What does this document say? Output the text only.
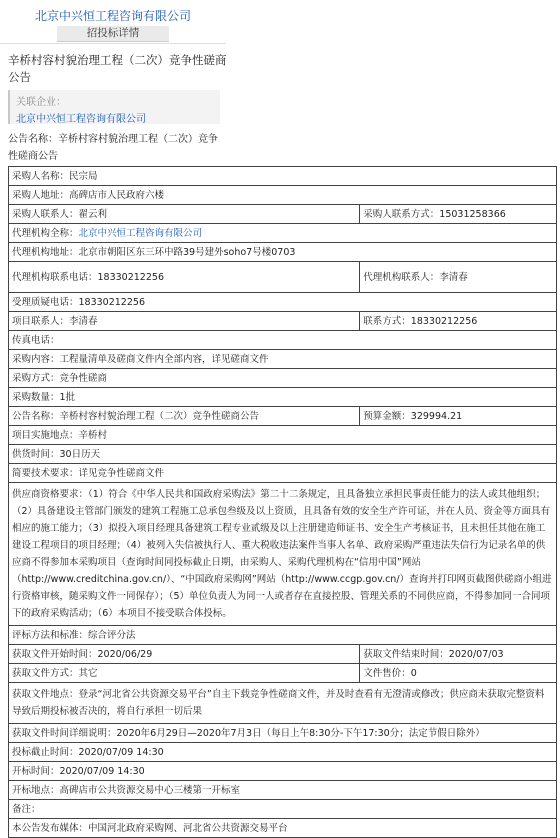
北京中兴恒工程咨询有限公司
招投标详情
辛桥村容村貌治理工程（二次）竞争性磋商公告
关联企业：
北京中兴恒工程咨询有限公司
公告名称：辛桥村容村貌治理工程（二次）竞争性磋商公告
采购人名称：民宗局	
采购人地址：高碑店市人民政府六楼	
采购人联系人：翟云利	采购人联系方式：15031258366
代理机构全称：北京中兴恒工程咨询有限公司	
代理机构地址：北京市朝阳区东三环中路39号建外soho7号楼0703	
代理机构联系电话：18330212256	代理机构联系人：李清春
受理质疑电话：18330212256	
项目联系人：李清春	联系方式：18330212256
传真电话：	
采购内容：工程量清单及磋商文件内全部内容，详见磋商文件	
采购方式：竞争性磋商	
采购数量：1批	
公告名称：辛桥村容村貌治理工程（二次）竞争性磋商公告	预算金额：329994.21
项目实施地点：辛桥村	
供货时间：30日历天	
简要技术要求：详见竞争性磋商文件	
供应商资格要求：（1）符合《中华人民共和国政府采购法》第二十二条规定，且具备独立承担民事责任能力的法人或其他组织；（2）具备建设主管部门颁发的建筑工程施工总承包叁级及以上资质，且具备有效的安全生产许可证，并在人员、资金等方面具有相应的施工能力；（3）拟投入项目经理具备建筑工程专业贰级及以上注册建造师证书、安全生产考核证书，且未担任其他在施工建设工程项目的项目经理；（4）被列入失信被执行人、重大税收违法案件当事人名单、政府采购严重违法失信行为记录名单的供应商不得参加本采购项目（查询时间同投标截止日期，由采购人、采购代理机构在“信用中国”网站（http://www.creditchina.gov.cn/）、“中国政府采购网”网站（http://www.ccgp.gov.cn/）查询并打印网页截图供磋商小组进行资格审核，随采购文件一同保存）；（5）单位负责人为同一人或者存在直接控股、管理关系的不同供应商，不得参加同一合同项下的政府采购活动；（6）本项目不接受联合体投标。	
评标方法和标准：综合评分法	
获取文件开始时间：2020/06/29	获取文件结束时间：2020/07/03
获取文件方式：其它	文件售价：0
获取文件地点：登录“河北省公共资源交易平台”自主下载竞争性磋商文件，并及时查看有无澄清或修改；供应商未获取完整资料导致后期投标被否决的，将自行承担一切后果	
获取文件时间详细说明：2020年6月29日—2020年7月3日（每日上午8:30分-下午17:30分；法定节假日除外）	
投标截止时间：2020/07/09 14:30	
开标时间：2020/07/09 14:30	
开标地点：高碑店市公共资源交易中心三楼第一开标室	
备注：	
本公告发布媒体：中国河北政府采购网、河北省公共资源交易平台	
